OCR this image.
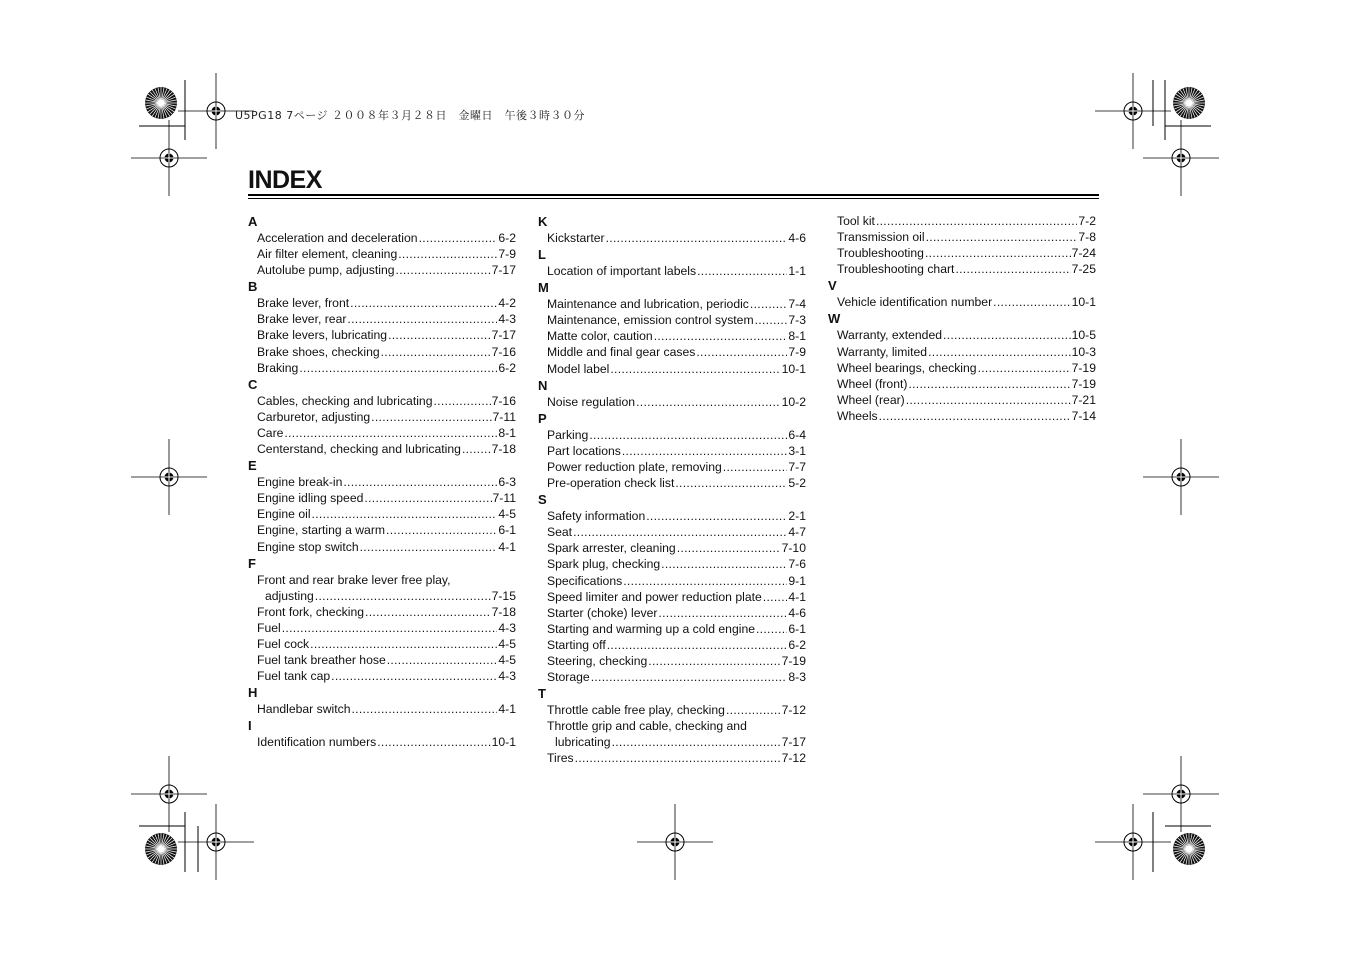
U5PG18 7ページ ２００８年３月２８日　金曜日　午後３時３０分
INDEX
A
Acceleration and deceleration .....	6-2
Air filter element, cleaning .....	7-9
Autolube pump, adjusting .....	7-17
B
Brake lever, front .....	4-2
Brake lever, rear .....	4-3
Brake levers, lubricating .....	7-17
Brake shoes, checking .....	7-16
Braking .....	6-2
C
Cables, checking and lubricating .....	7-16
Carburetor, adjusting .....	7-11
Care .....	8-1
Centerstand, checking and lubricating .....	7-18
E
Engine break-in .....	6-3
Engine idling speed .....	7-11
Engine oil .....	4-5
Engine, starting a warm .....	6-1
Engine stop switch .....	4-1
F
Front and rear brake lever free play,
adjusting .....	7-15
Front fork, checking .....	7-18
Fuel .....	4-3
Fuel cock .....	4-5
Fuel tank breather hose .....	4-5
Fuel tank cap .....	4-3
H
Handlebar switch .....	4-1
I
Identification numbers .....	10-1
K
Kickstarter .....	4-6
L
Location of important labels .....	1-1
M
Maintenance and lubrication, periodic .....	7-4
Maintenance, emission control system .....	7-3
Matte color, caution .....	8-1
Middle and final gear cases .....	7-9
Model label .....	10-1
N
Noise regulation .....	10-2
P
Parking .....	6-4
Part locations .....	3-1
Power reduction plate, removing .....	7-7
Pre-operation check list .....	5-2
S
Safety information .....	2-1
Seat .....	4-7
Spark arrester, cleaning .....	7-10
Spark plug, checking .....	7-6
Specifications .....	9-1
Speed limiter and power reduction plate ..... 4-1
Starter (choke) lever .....	4-6
Starting and warming up a cold engine .....	6-1
Starting off .....	6-2
Steering, checking .....	7-19
Storage .....	8-3
T
Throttle cable free play, checking .....	7-12
Throttle grip and cable, checking and
lubricating .....	7-17
Tires .....	7-12
Tool kit .....	7-2
Transmission oil .....	7-8
Troubleshooting .....	7-24
Troubleshooting chart .....	7-25
V
Vehicle identification number .....	10-1
W
Warranty, extended .....	10-5
Warranty, limited .....	10-3
Wheel bearings, checking .....	7-19
Wheel (front) .....	7-19
Wheel (rear) .....	7-21
Wheels .....	7-14
